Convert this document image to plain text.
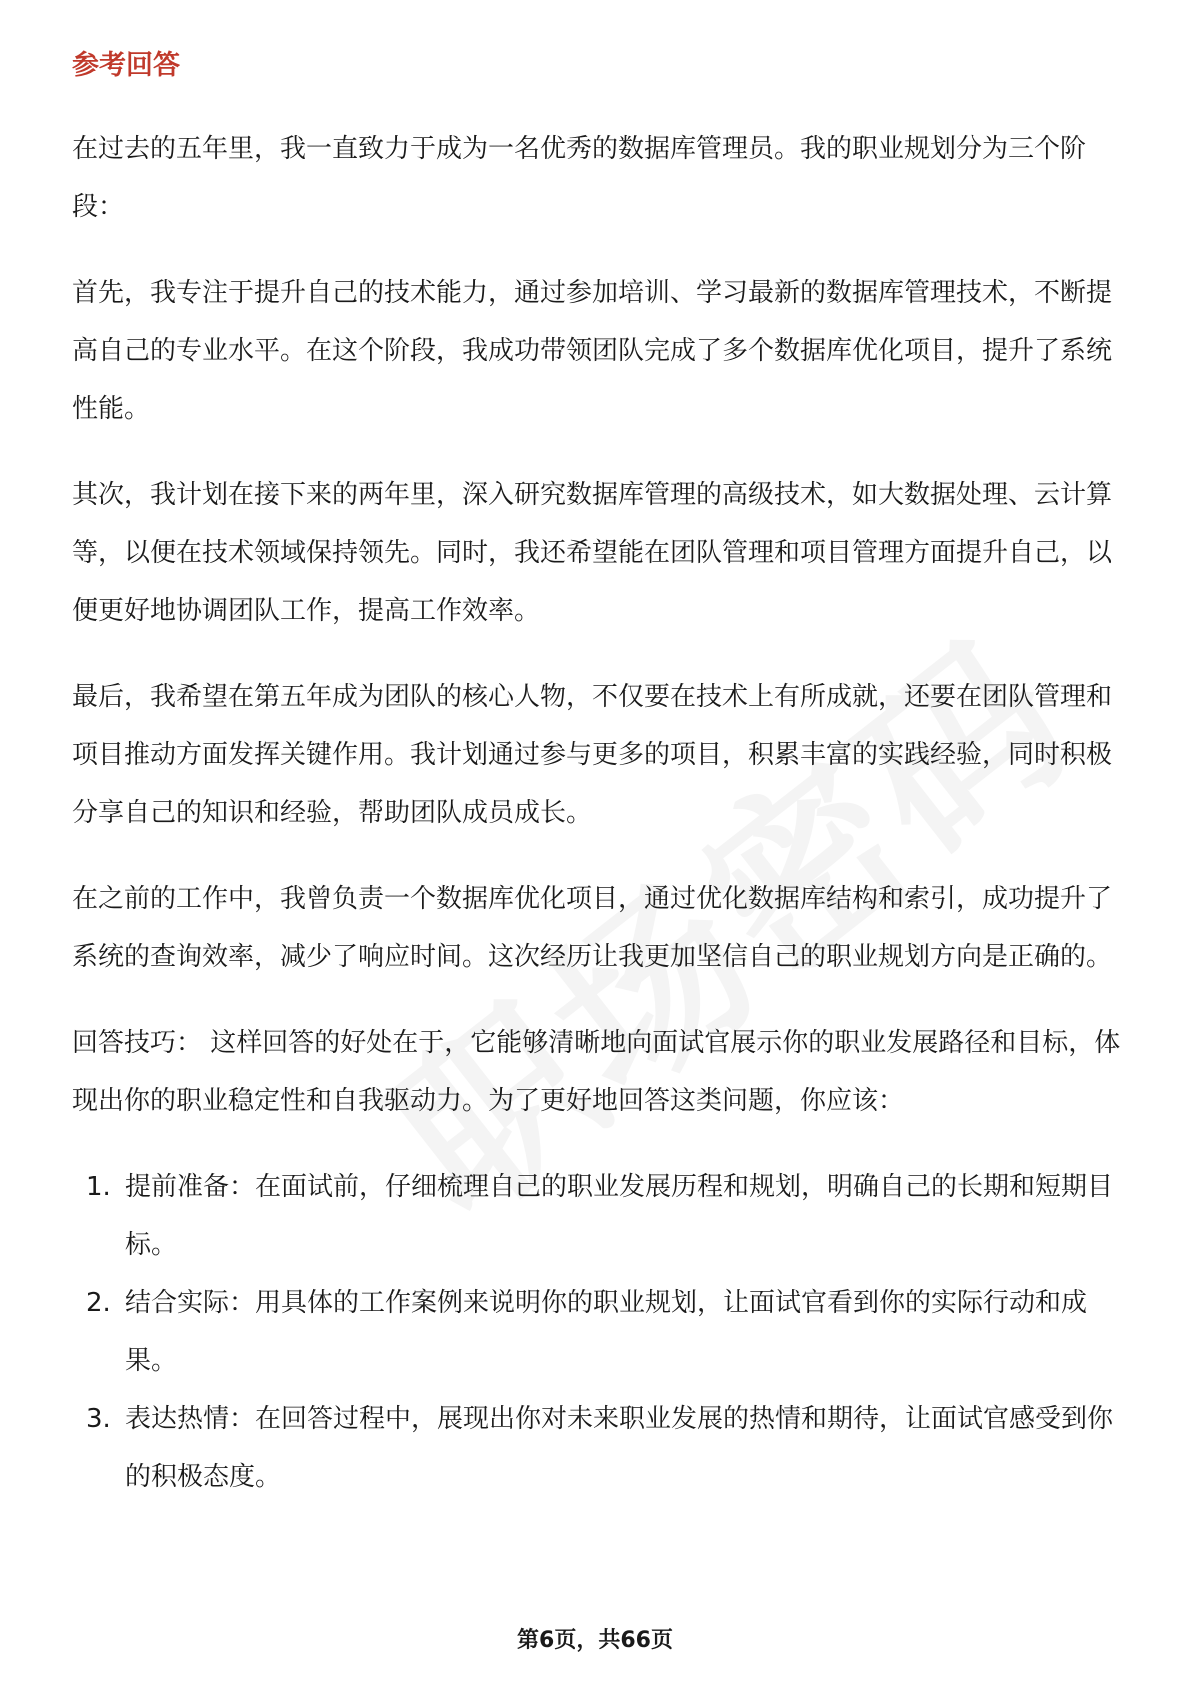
参考回答

在过去的五年里，我一直致力于成为一名优秀的数据库管理员。我的职业规划分为三个阶段：

首先，我专注于提升自己的技术能力，通过参加培训、学习最新的数据库管理技术，不断提高自己的专业水平。在这个阶段，我成功带领团队完成了多个数据库优化项目，提升了系统性能。

其次，我计划在接下来的两年里，深入研究数据库管理的高级技术，如大数据处理、云计算等，以便在技术领域保持领先。同时，我还希望能在团队管理和项目管理方面提升自己，以便更好地协调团队工作，提高工作效率。

最后，我希望在第五年成为团队的核心人物，不仅要在技术上有所成就，还要在团队管理和项目推动方面发挥关键作用。我计划通过参与更多的项目，积累丰富的实践经验，同时积极分享自己的知识和经验，帮助团队成员成长。

在之前的工作中，我曾负责一个数据库优化项目，通过优化数据库结构和索引，成功提升了系统的查询效率，减少了响应时间。这次经历让我更加坚信自己的职业规划方向是正确的。

回答技巧： 这样回答的好处在于，它能够清晰地向面试官展示你的职业发展路径和目标，体现出你的职业稳定性和自我驱动力。为了更好地回答这类问题，你应该：

1. 提前准备：在面试前，仔细梳理自己的职业发展历程和规划，明确自己的长期和短期目标。
2. 结合实际：用具体的工作案例来说明你的职业规划，让面试官看到你的实际行动和成果。
3. 表达热情：在回答过程中，展现出你对未来职业发展的热情和期待，让面试官感受到你的积极态度。
第6页，共66页
